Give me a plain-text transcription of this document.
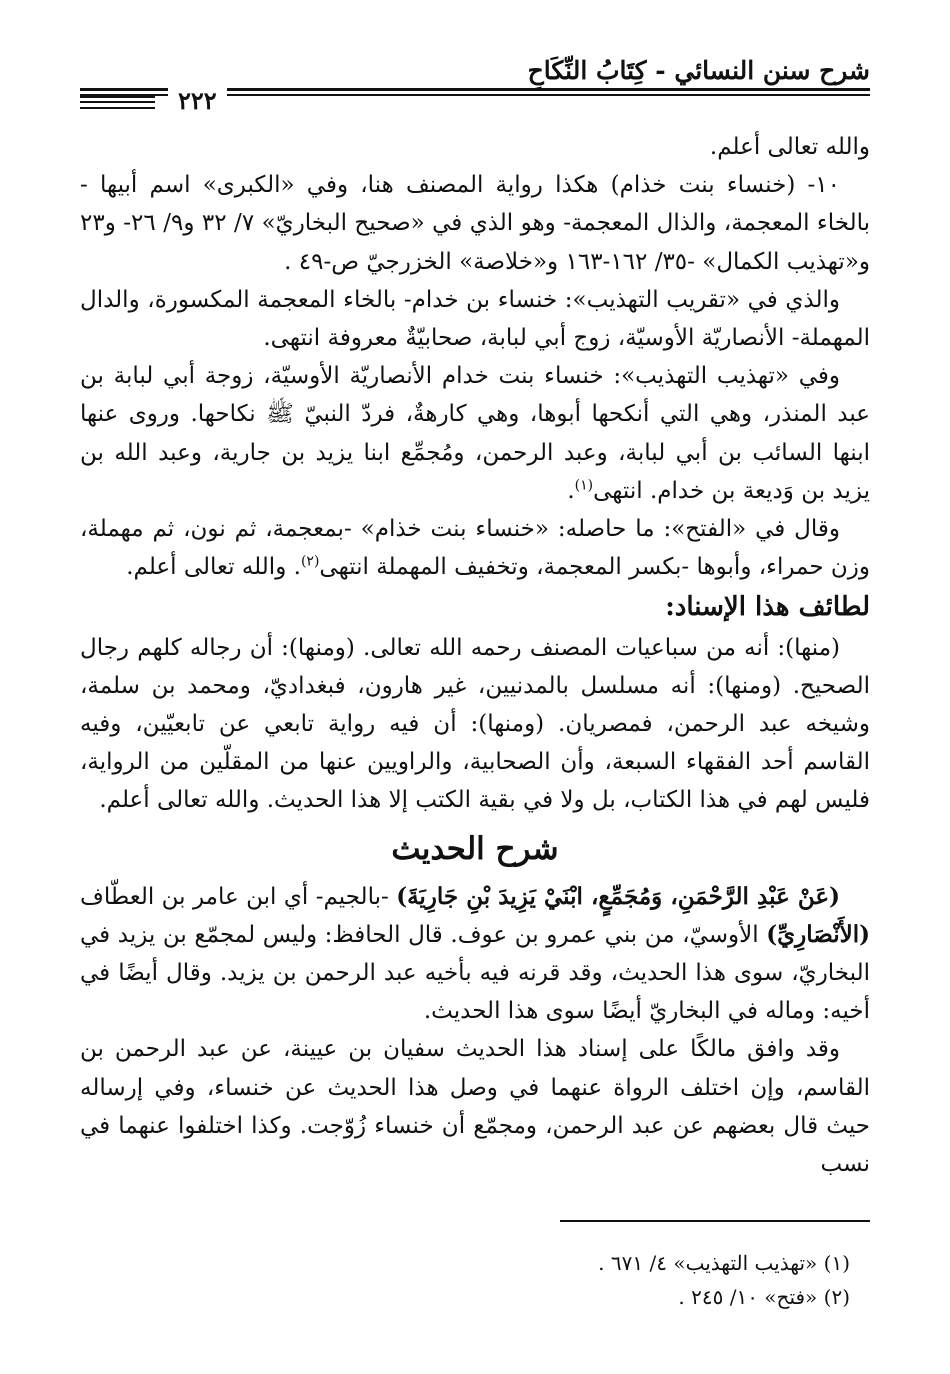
شرح سنن النسائي - كِتَابُ النِّكَاحِ
٢٢٢

والله تعالى أعلم.

١٠- (خنساء بنت خذام) هكذا رواية المصنف هنا، وفي «الكبرى» اسم أبيها - بالخاء المعجمة، والذال المعجمة- وهو الذي في «صحيح البخاريّ» ٧/ ٣٢ و٩/ ٢٦- و٢٣ و«تهذيب الكمال» -٣٥/ ١٦٢-١٦٣ و«خلاصة» الخزرجيّ ص-٤٩ .

والذي في «تقريب التهذيب»: خنساء بن خدام- بالخاء المعجمة المكسورة، والدال المهملة- الأنصاريّة الأوسيّة، زوج أبي لبابة، صحابيّةٌ معروفة انتهى.

وفي «تهذيب التهذيب»: خنساء بنت خدام الأنصاريّة الأوسيّة، زوجة أبي لبابة بن عبد المنذر، وهي التي أنكحها أبوها، وهي كارهةٌ، فردّ النبيّ ﷺ نكاحها. وروى عنها ابنها السائب بن أبي لبابة، وعبد الرحمن، ومُجمِّع ابنا يزيد بن جارية، وعبد الله بن يزيد بن وَديعة بن خدام. انتهى$^{(١)}$.

وقال في «الفتح»: ما حاصله: «خنساء بنت خذام» -بمعجمة، ثم نون، ثم مهملة، وزن حمراء، وأبوها -بكسر المعجمة، وتخفيف المهملة انتهى$^{(٢)}$. والله تعالى أعلم.

لطائف هذا الإسناد:

(منها): أنه من سباعيات المصنف رحمه الله تعالى. (ومنها): أن رجاله كلهم رجال الصحيح. (ومنها): أنه مسلسل بالمدنيين، غير هارون، فبغداديّ، ومحمد بن سلمة، وشيخه عبد الرحمن، فمصريان. (ومنها): أن فيه رواية تابعي عن تابعيّين، وفيه القاسم أحد الفقهاء السبعة، وأن الصحابية، والراويين عنها من المقلّين من الرواية، فليس لهم في هذا الكتاب، بل ولا في بقية الكتب إلا هذا الحديث. والله تعالى أعلم.

شرح الحديث

(عَنْ عَبْدِ الرَّحْمَنِ، وَمُجَمِّعٍ، ابْنَيْ يَزِيدَ بْنِ جَارِيَةَ) -بالجيم- أي ابن عامر بن العطّاف (الأَنْصَارِيِّ) الأوسيّ، من بني عمرو بن عوف. قال الحافظ: وليس لمجمّع بن يزيد في البخاريّ، سوى هذا الحديث، وقد قرنه فيه بأخيه عبد الرحمن بن يزيد. وقال أيضًا في أخيه: وماله في البخاريّ أيضًا سوى هذا الحديث.

وقد وافق مالكًا على إسناد هذا الحديث سفيان بن عيينة، عن عبد الرحمن بن القاسم، وإن اختلف الرواة عنهما في وصل هذا الحديث عن خنساء، وفي إرساله حيث قال بعضهم عن عبد الرحمن، ومجمّع أن خنساء زُوّجت. وكذا اختلفوا عنهما في نسب

(١) «تهذيب التهذيب» ٤/ ٦٧١ .

(٢) «فتح» ١٠/ ٢٤٥ .
